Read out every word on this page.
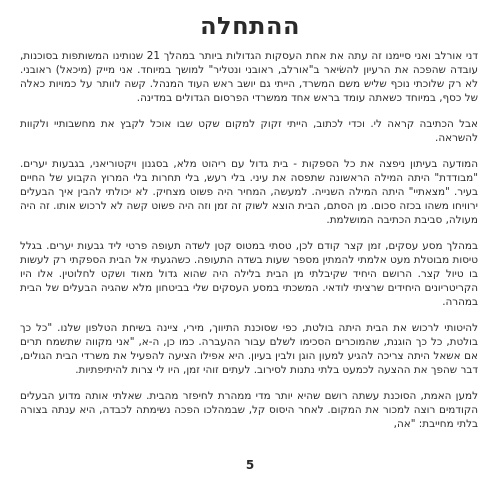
ההתחלה

דני אורלב ואני סיימנו זה עתה את אחת העסקות הגדולות ביותר במהלך 21 שנותינו המשותפות בסוכנות, עובדה שהפכה את הרעיון להשׂיאר ב"אורלב, ראובני ונטליר" למושך במיוחד. אני מייק (מיכאל) ראובני. לא רק שלוכתי נוכף שליש משם המשרד, הייתי גם יושב ראש העוד המנהל. קשה לוותר על כמויות כאלה של כסף, במיוחד כשאתה עומד בראש אחד ממשרדי הפרסום הגדולים במדינה.

אבל הכתיבה קראה לי. וכדי לכתוב, הייתי זקוק למקום שקט שבו אוכל לקבץ את מחשבותיי ולקוות להשראה.

המודעה בעיתון ניפצה את כל הספקות - בית גדול עם ריהוט מלא, בסגנון ויקטוריאני, בגבעות יערים. "מבודדת" היתה המילה הראשונה שתפסה את עיני. בלי רעש, בלי תחרות בלי המרוץ הקבוע של החיים בעיר. "מצאתיי" היתה המילה השנייה. למעשה, המחיר היה פשוט מצחיק. לא יכולתי להבין איך הבעלים ירוויחו משהו בכזה סכום. מן הסתם, הבית הוצא לשוק זה זמן וזה היה פשוט קשה לא לרכוש אותו. זה היה מעולה, סביבת הכתיבה המושלמת.

במהלך מסע עסקים, זמן קצר קודם לכן, טסתי במטוס קטן לשדה תעופה פרטי ליד גבעות יערים. בגלל טיסות מבוטלת מעט אלמתי להמתין מספר שעות בשדה התעופה. כשהגעתי אל הבית הספקתי רק לעשות בו טיול קצר. הרושם היחיד שקיבלתי מן הבית בלילה היה שהוא גדול מאוד ושקט לחלוטין. אלו היו הקריטריונים היחידים שרציתי לודאי. המשכתי במסע העסקים שלי בביטחון מלא שהגיה הבעלים של הבית במהרה.

להיטותי לרכוש את הבית היתה בולטת, כפי שסוכנת התיווך, מירי, ציינה בשיחת הטלפון שלנו. "כל כך בולטת, כל כך הוגנת, שהמוכרים הסכימו לשלם עבור ההעברה. כמו כן, ה-א, "אני מקווה שתשמח תרים אם אשאל היתה צריכה להגיע למעון הוגן ולבין בעיון. היא אפילו הציעה להפעיל את משרדי הבית הגולים, דבר שהפך את ההצעה לכמעט בלתי נתנות לסירוב. לעתים זוהי זמן, היו לי צרות להיתיפתיות.

למען האמת, הסוכנת עשתה רושם שהיא יותר מדי ממהרת לחיפזר מהבית. שאלתי אותה מדוע הבעלים הקודמים רוצה למכור את המקום. לאחר היסוס קל, שבמהלכו הפכה נשימתה לכבדה, היא ענתה בצורה בלתי מחייבת: "אה,

5
